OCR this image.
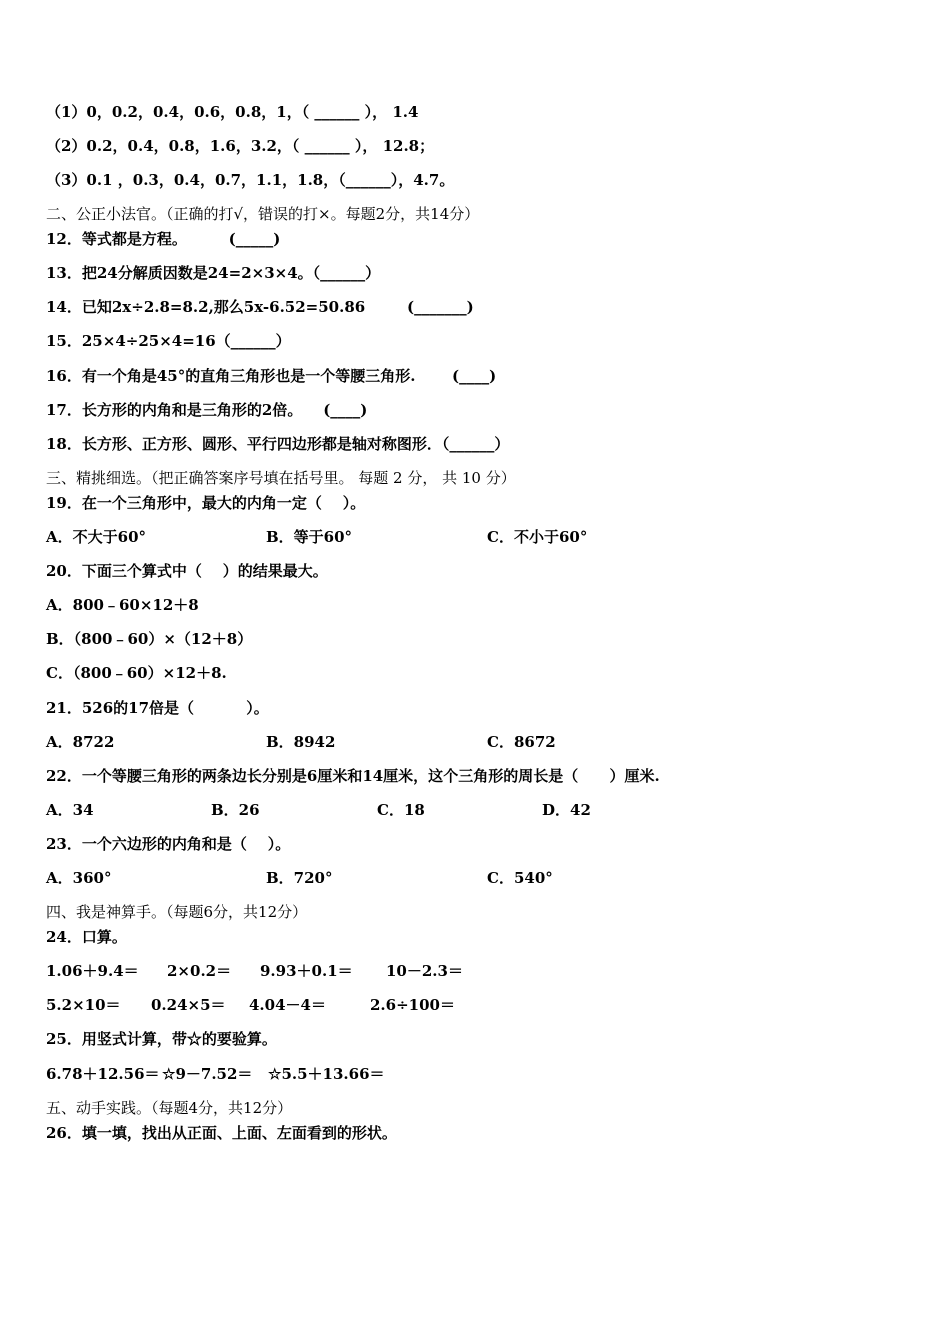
（1）0，0.2，0.4，0.6，0.8，1，（ ______ ）， 1.4

（2）0.2，0.4，0.8，1.6，3.2，（ ______ ）， 12.8；

（3）0.1 ，0.3，0.4，0.7，1.1，1.8，（______），4.7。

二、公正小法官。（正确的打√，错误的打×。每题2分，共14分）

12．等式都是方程。        (_____)

13．把24分解质因数是24=2×3×4。（______）

14．已知2x÷2.8=8.2,那么5x-6.52=50.86        (_______)

15．25×4÷25×4=16（______）

16．有一个角是45°的直角三角形也是一个等腰三角形.       (____)

17．长方形的内角和是三角形的2倍。    (____)

18．长方形、正方形、圆形、平行四边形都是轴对称图形．（______）

三、精挑细选。（把正确答案序号填在括号里。 每题 2 分， 共 10 分）

19．在一个三角形中，最大的内角一定（    ）。

A．不大于60°	B．等于60°	C．不小于60°

20．下面三个算式中（    ）的结果最大。

A．800﹣60×12＋8

B．（800﹣60）×（12＋8）

C．（800﹣60）×12＋8.

21．526的17倍是（          ）。

A．8722	B．8942	C．8672

22．一个等腰三角形的两条边长分别是6厘米和14厘米，这个三角形的周长是（      ）厘米.

A．34	B．26	C．18	D．42

23．一个六边形的内角和是（    ）。

A．360°	B．720°	C．540°

四、我是神算手。（每题6分，共12分）

24．口算。

1.06＋9.4＝ 2×0.2＝ 9.93＋0.1＝ 10－2.3＝

5.2×10＝ 0.24×5＝ 4.04－4＝	2.6÷100＝

25．用竖式计算，带☆的要验算。

6.78＋12.56＝ ☆9－7.52＝ ☆5.5＋13.66＝

五、动手实践。（每题4分，共12分）

26．填一填，找出从正面、上面、左面看到的形状。
